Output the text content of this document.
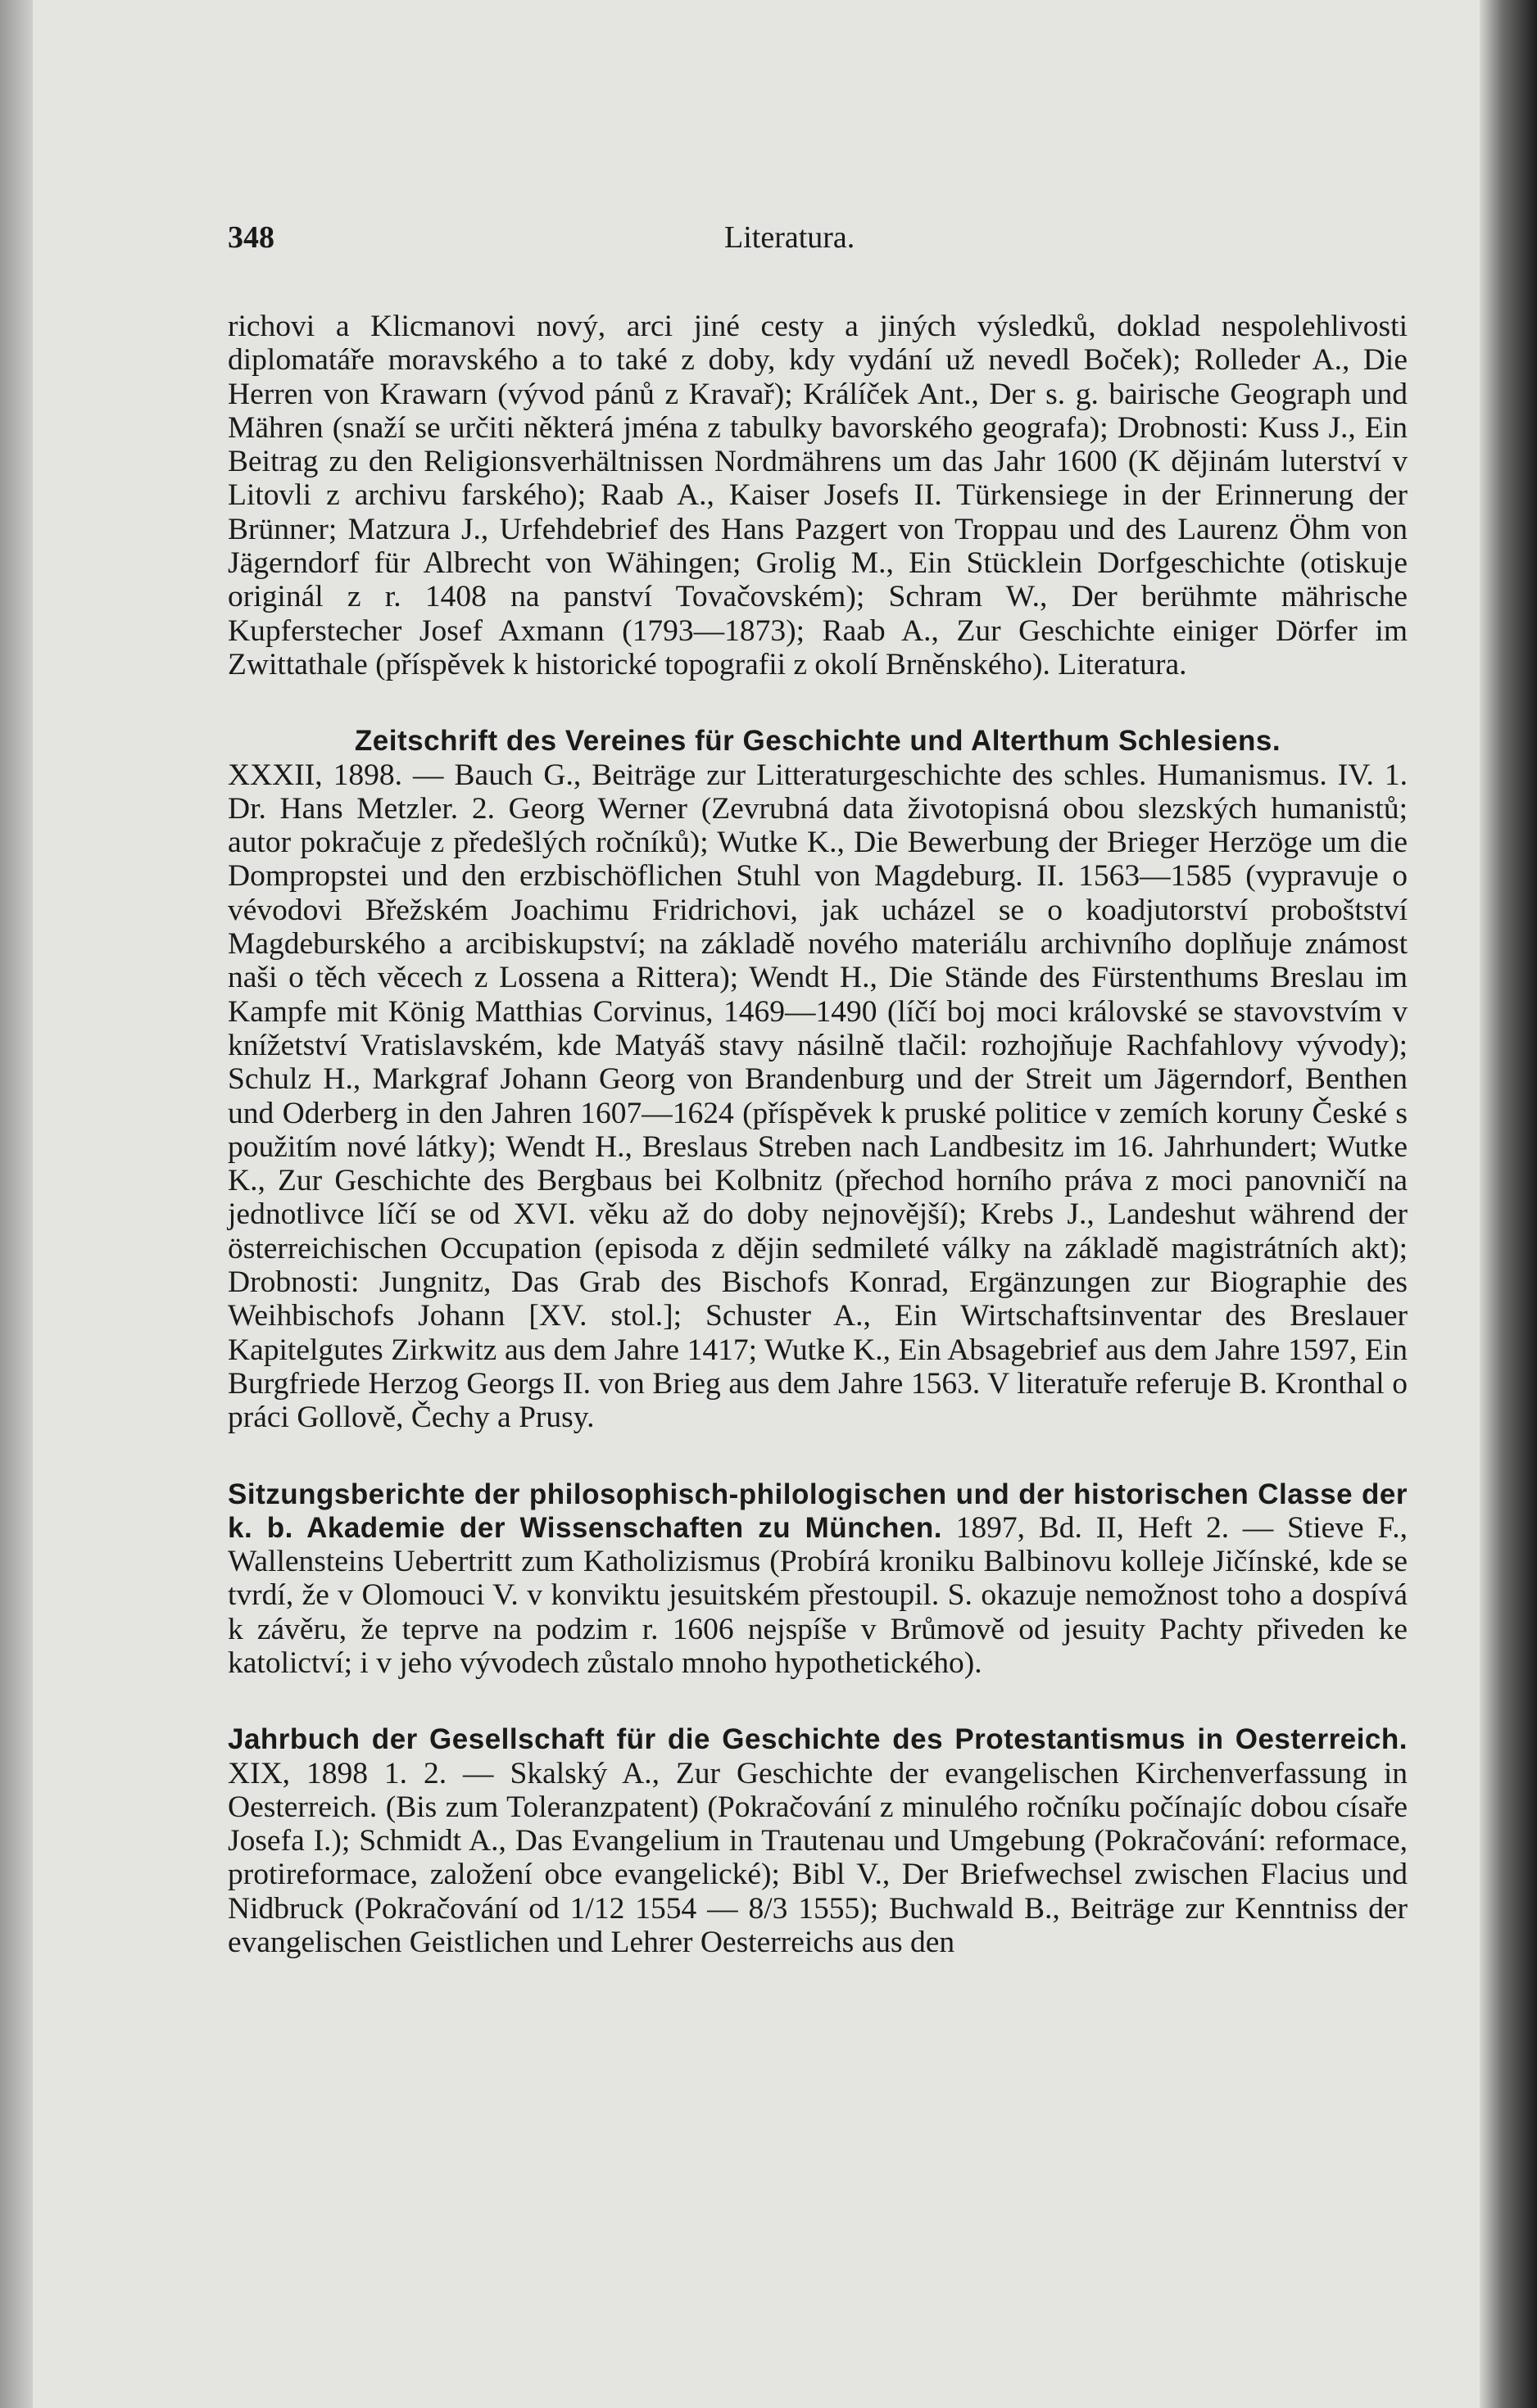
348	Literatura.

richovi a Klicmanovi nový, arci jiné cesty a jiných výsledků, doklad nespolehlivosti diplomatáře moravského a to také z doby, kdy vydání už nevedl Boček); Rolleder A., Die Herren von Krawarn (vývod pánů z Kravař); Králíček Ant., Der s. g. bairische Geograph und Mähren (snaží se určiti některá jména z tabulky bavorského geografa); Drobnosti: Kuss J., Ein Beitrag zu den Religionsverhältnissen Nordmährens um das Jahr 1600 (K dějinám luterství v Litovli z archivu farského); Raab A., Kaiser Josefs II. Türkensiege in der Erinnerung der Brünner; Matzura J., Urfehdebrief des Hans Pazgert von Troppau und des Laurenz Öhm von Jägerndorf für Albrecht von Wähingen; Grolig M., Ein Stücklein Dorfgeschichte (otiskuje originál z r. 1408 na panství Tovačovském); Schram W., Der berühmte mährische Kupferstecher Josef Axmann (1793—1873); Raab A., Zur Geschichte einiger Dörfer im Zwittathale (příspěvek k historické topografii z okolí Brněnského). Literatura.

Zeitschrift des Vereines für Geschichte und Alterthum Schlesiens.
XXXII, 1898. — Bauch G., Beiträge zur Litteraturgeschichte des schles. Humanismus. IV. 1. Dr. Hans Metzler. 2. Georg Werner (Zevrubná data životopisná obou slezských humanistů; autor pokračuje z předešlých ročníků); Wutke K., Die Bewerbung der Brieger Herzöge um die Dompropstei und den erzbischöflichen Stuhl von Magdeburg. II. 1563—1585 (vypravuje o vévodovi Břežském Joachimu Fridrichovi, jak ucházel se o koadjutorství proboštství Magdeburského a arcibiskupství; na základě nového materiálu archivního doplňuje známost naši o těch věcech z Lossena a Rittera); Wendt H., Die Stände des Fürstenthums Breslau im Kampfe mit König Matthias Corvinus, 1469—1490 (líčí boj moci královské se stavovstvím v knížetství Vratislavském, kde Matyáš stavy násilně tlačil: rozhojňuje Rachfahlovy vývody); Schulz H., Markgraf Johann Georg von Brandenburg und der Streit um Jägerndorf, Benthen und Oderberg in den Jahren 1607—1624 (příspěvek k pruské politice v zemích koruny České s použitím nové látky); Wendt H., Breslaus Streben nach Landbesitz im 16. Jahrhundert; Wutke K., Zur Geschichte des Bergbaus bei Kolbnitz (přechod horního práva z moci panovničí na jednotlivce líčí se od XVI. věku až do doby nejnovější); Krebs J., Landeshut während der österreichischen Occupation (episoda z dějin sedmileté války na základě magistrátních akt); Drobnosti: Jungnitz, Das Grab des Bischofs Konrad, Ergänzungen zur Biographie des Weihbischofs Johann [XV. stol.]; Schuster A., Ein Wirtschaftsinventar des Breslauer Kapitelgutes Zirkwitz aus dem Jahre 1417; Wutke K., Ein Absagebrief aus dem Jahre 1597, Ein Burgfriede Herzog Georgs II. von Brieg aus dem Jahre 1563. V literatuře referuje B. Kronthal o práci Gollově, Čechy a Prusy.

Sitzungsberichte der philosophisch-philologischen und der historischen Classe der k. b. Akademie der Wissenschaften zu München. 1897, Bd. II, Heft 2. — Stieve F., Wallensteins Uebertritt zum Katholizismus (Probírá kroniku Balbinovu kolleje Jičínské, kde se tvrdí, že v Olomouci V. v konviktu jesuitském přestoupil. S. okazuje nemožnost toho a dospívá k závěru, že teprve na podzim r. 1606 nejspíše v Brůmově od jesuity Pachty přiveden ke katolictví; i v jeho vývodech zůstalo mnoho hypothetického).

Jahrbuch der Gesellschaft für die Geschichte des Protestantismus in Oesterreich. XIX, 1898 1. 2. — Skalský A., Zur Geschichte der evangelischen Kirchenverfassung in Oesterreich. (Bis zum Toleranzpatent) (Pokračování z minulého ročníku počínajíc dobou císaře Josefa I.); Schmidt A., Das Evangelium in Trautenau und Umgebung (Pokračování: reformace, protireformace, založení obce evangelické); Bibl V., Der Briefwechsel zwischen Flacius und Nidbruck (Pokračování od 1/12 1554 — 8/3 1555); Buchwald B., Beiträge zur Kenntniss der evangelischen Geistlichen und Lehrer Oesterreichs aus den
